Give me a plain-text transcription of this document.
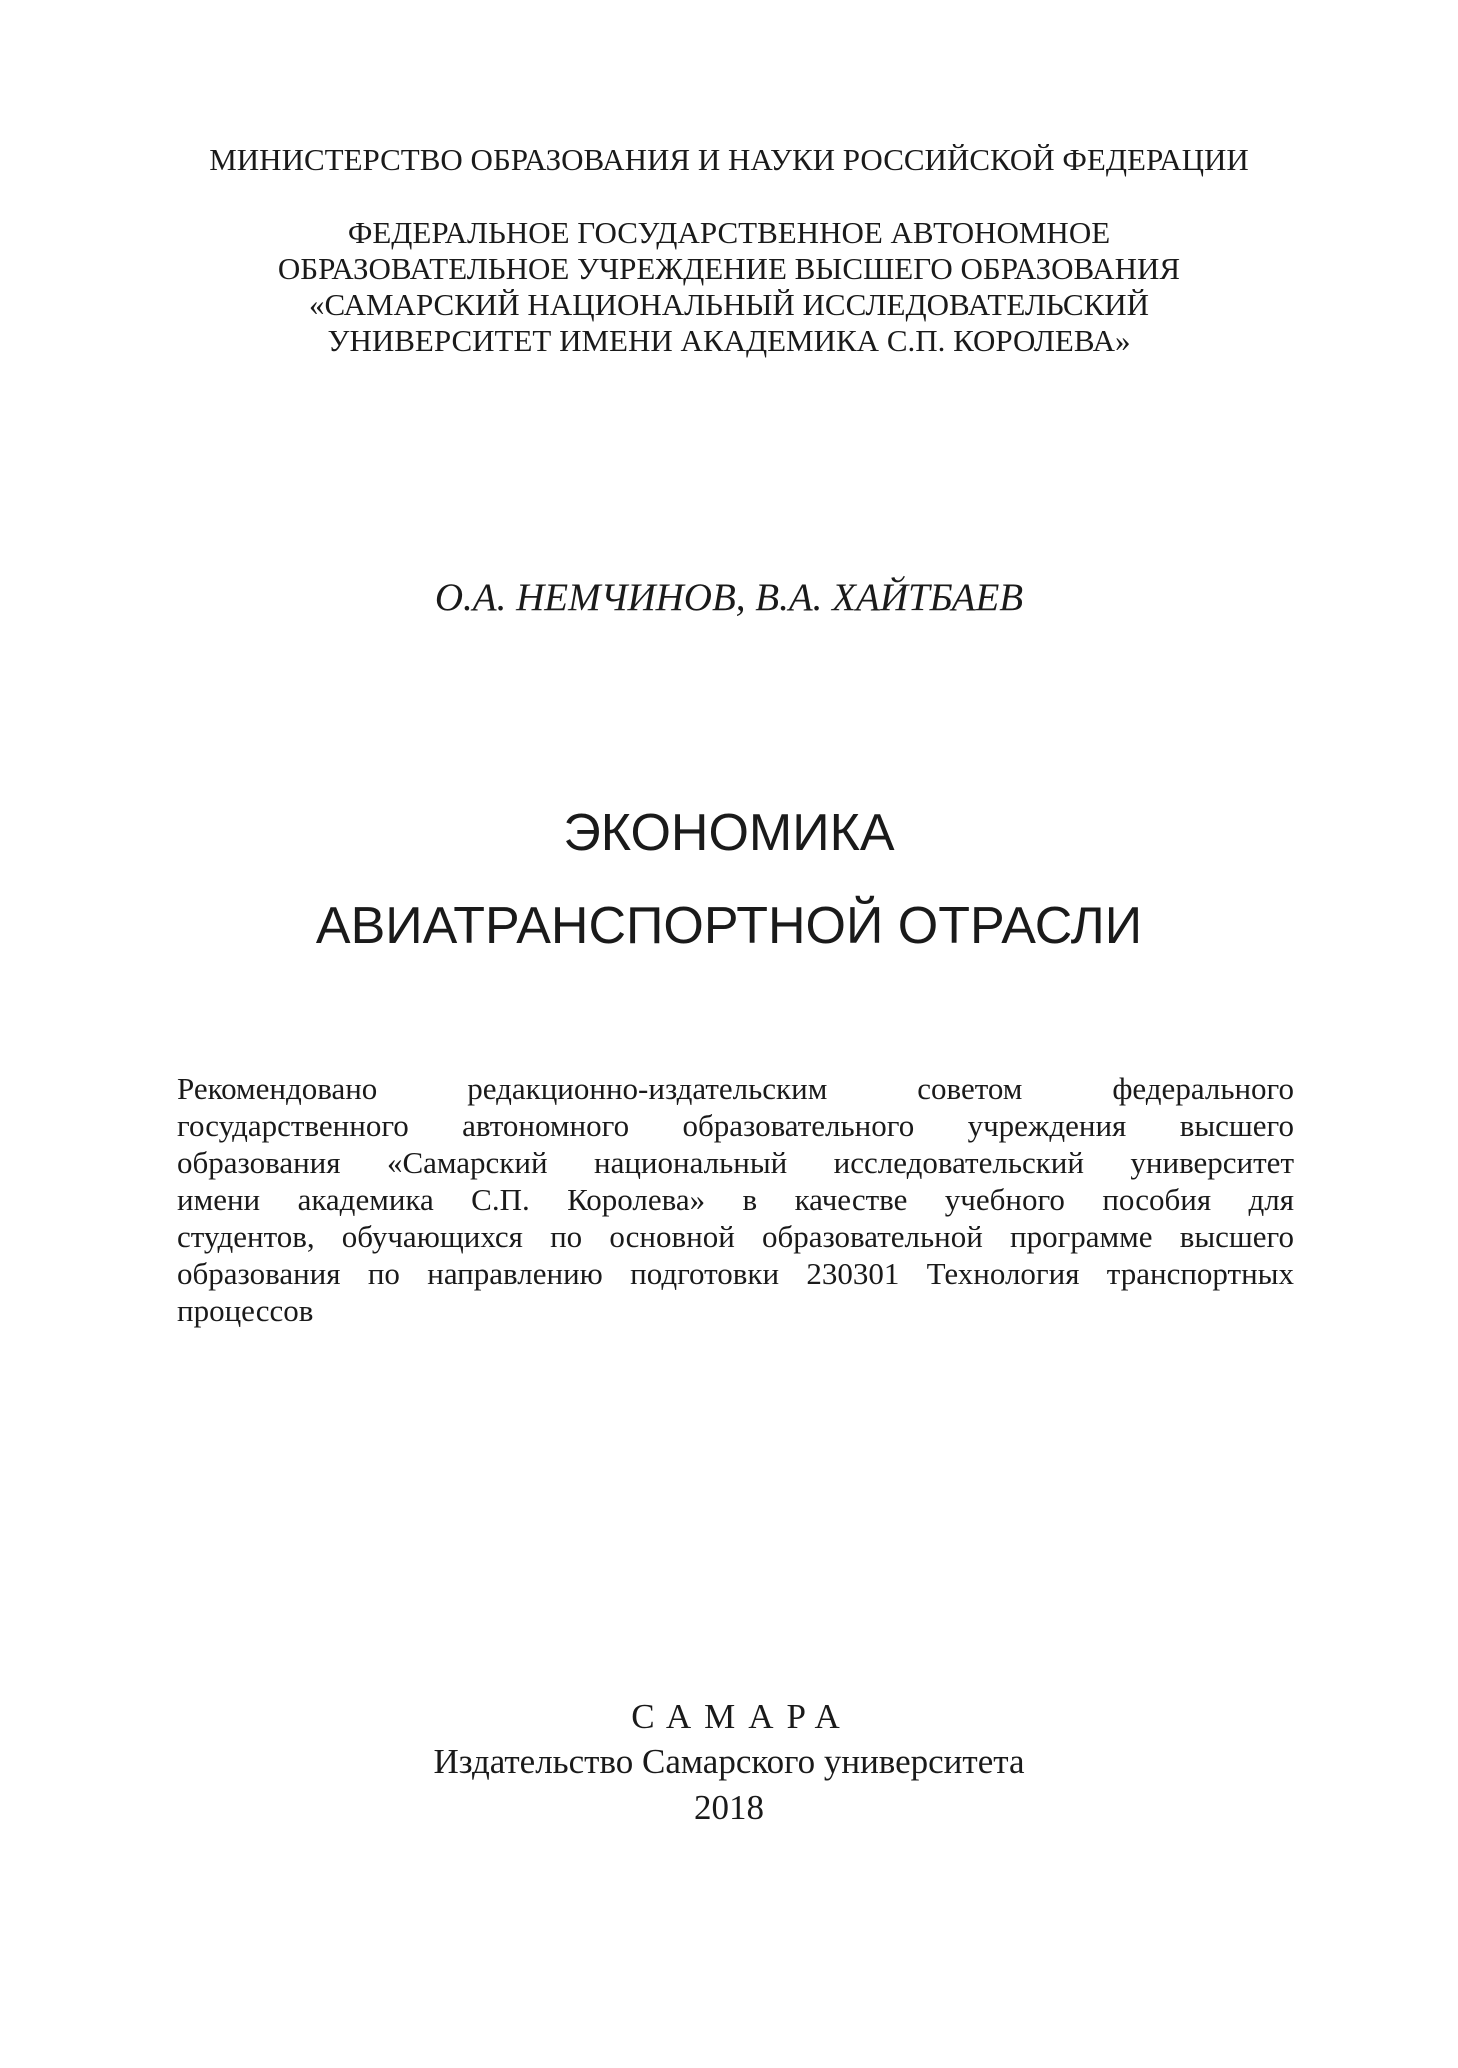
МИНИСТЕРСТВО ОБРАЗОВАНИЯ И НАУКИ РОССИЙСКОЙ ФЕДЕРАЦИИ
ФЕДЕРАЛЬНОЕ ГОСУДАРСТВЕННОЕ АВТОНОМНОЕ
ОБРАЗОВАТЕЛЬНОЕ УЧРЕЖДЕНИЕ ВЫСШЕГО ОБРАЗОВАНИЯ
«САМАРСКИЙ НАЦИОНАЛЬНЫЙ ИССЛЕДОВАТЕЛЬСКИЙ
УНИВЕРСИТЕТ ИМЕНИ АКАДЕМИКА С.П. КОРОЛЕВА»
О.А. НЕМЧИНОВ, В.А. ХАЙТБАЕВ
ЭКОНОМИКА
АВИАТРАНСПОРТНОЙ ОТРАСЛИ
Рекомендовано редакционно-издательским советом федерального
государственного автономного образовательного учреждения высшего
образования «Самарский национальный исследовательский университет
имени академика С.П. Королева» в качестве учебного пособия для
студентов, обучающихся по основной образовательной программе высшего
образования по направлению подготовки 230301 Технология транспортных
процессов
САМАРА
Издательство Самарского университета
2018
